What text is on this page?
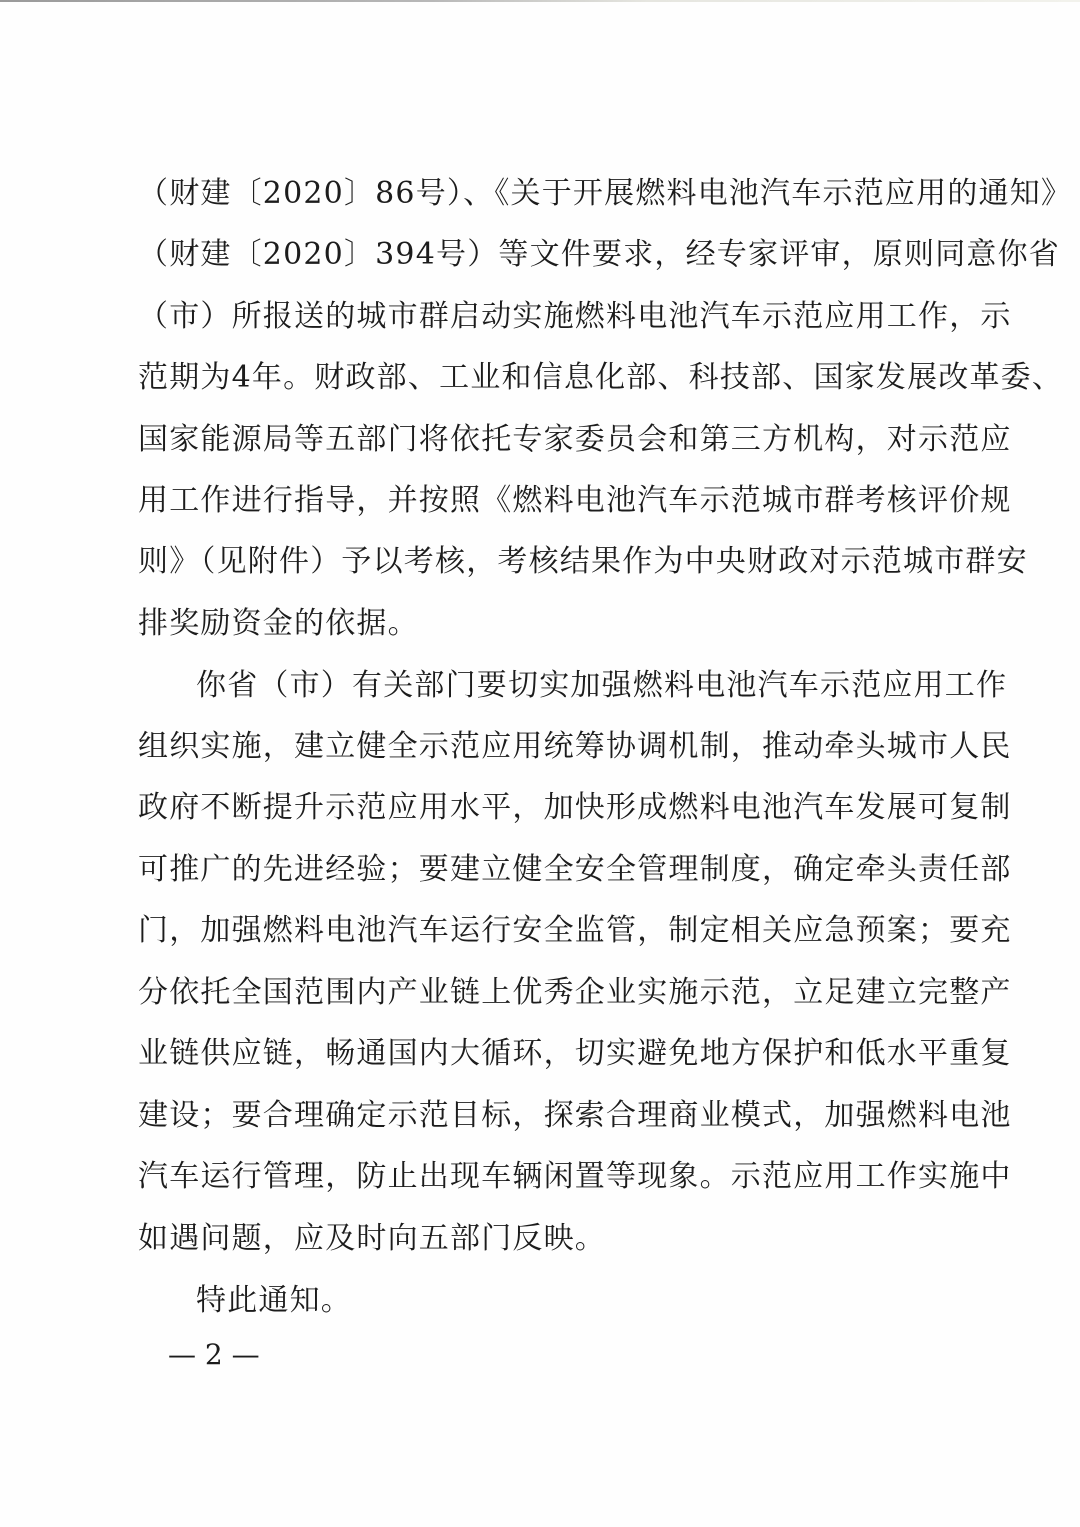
（财建〔2020〕86号）、《关于开展燃料电池汽车示范应用的通知》
（财建〔2020〕394号）等文件要求，经专家评审，原则同意你省
（市）所报送的城市群启动实施燃料电池汽车示范应用工作，示
范期为4年。财政部、工业和信息化部、科技部、国家发展改革委、
国家能源局等五部门将依托专家委员会和第三方机构，对示范应
用工作进行指导，并按照《燃料电池汽车示范城市群考核评价规
则》（见附件）予以考核，考核结果作为中央财政对示范城市群安
排奖励资金的依据。
你省（市）有关部门要切实加强燃料电池汽车示范应用工作
组织实施，建立健全示范应用统筹协调机制，推动牵头城市人民
政府不断提升示范应用水平，加快形成燃料电池汽车发展可复制
可推广的先进经验；要建立健全安全管理制度，确定牵头责任部
门，加强燃料电池汽车运行安全监管，制定相关应急预案；要充
分依托全国范围内产业链上优秀企业实施示范，立足建立完整产
业链供应链，畅通国内大循环，切实避免地方保护和低水平重复
建设；要合理确定示范目标，探索合理商业模式，加强燃料电池
汽车运行管理，防止出现车辆闲置等现象。示范应用工作实施中
如遇问题，应及时向五部门反映。
特此通知。
— 2 —
